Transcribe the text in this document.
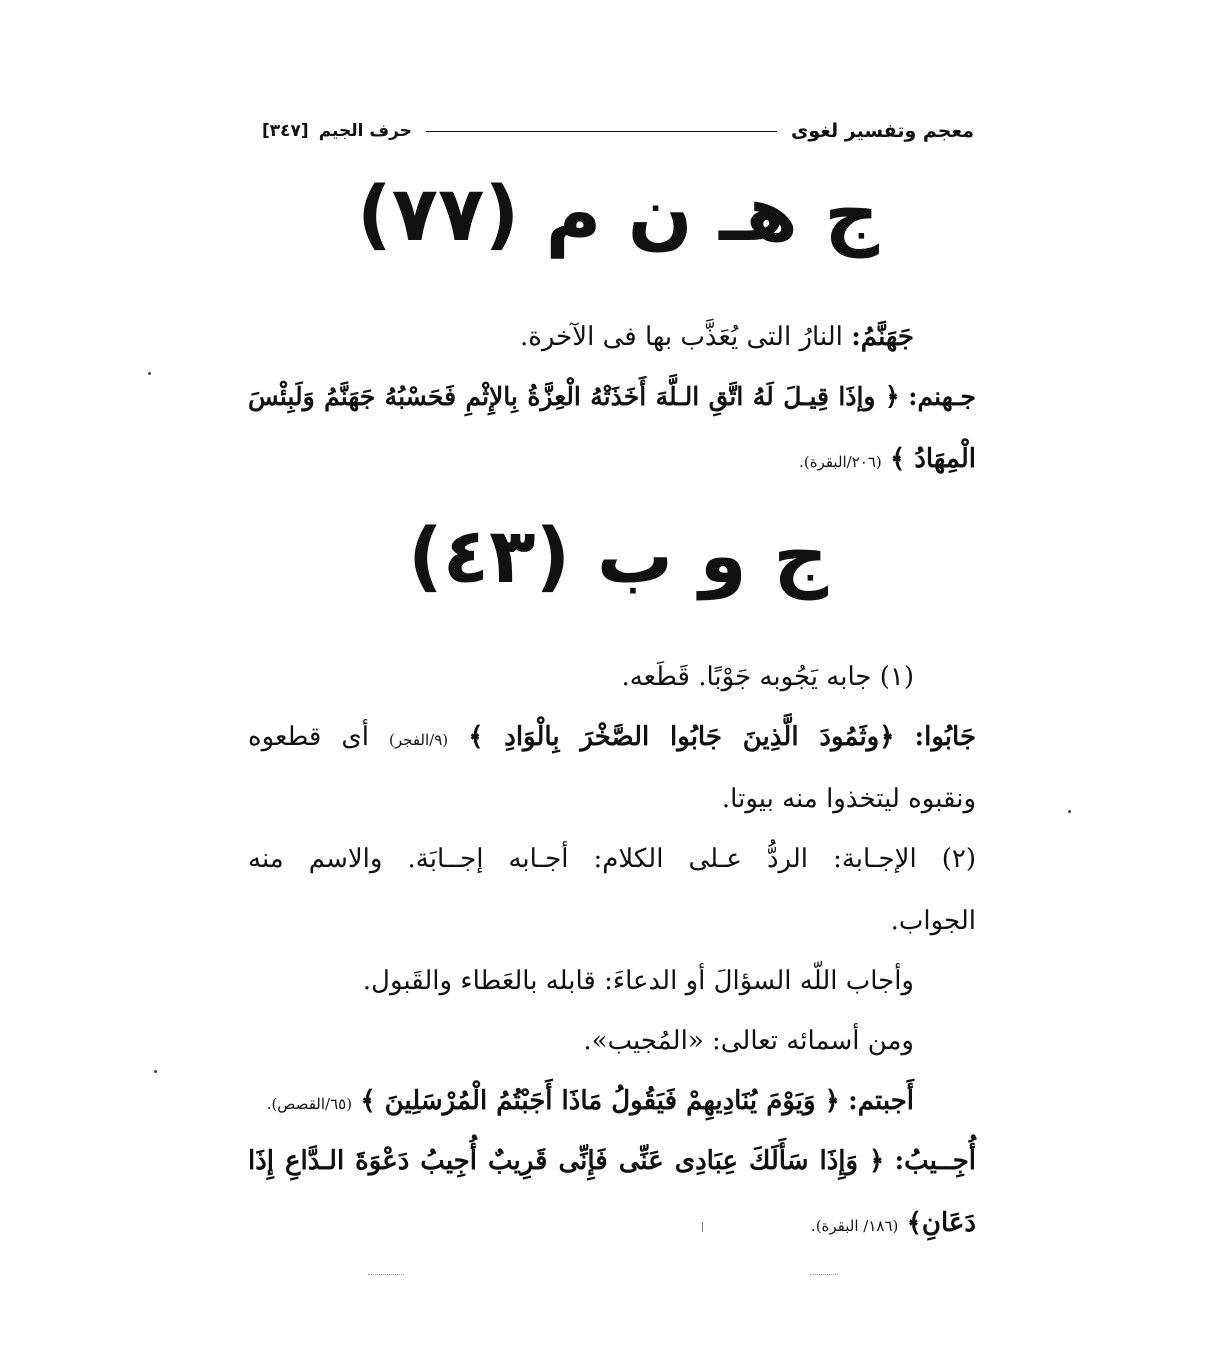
معجم وتفسير لغوى
حرف الجيم
[٣٤٧]
ج هـ ن م (٧٧)
جَهَنَّمُ: النارُ التى يُعَذَّب بها فى الآخرة.
جـهنم: ﴿ وإذَا قِيـلَ لَهُ اتَّقِ الـلَّهَ أَخَذَتْهُ الْعِزَّةُ بِالإِثْمِ فَحَسْبُهُ جَهَنَّمُ وَلَبِئْسَ
الْمِهَادُ ﴾ (٢٠٦/البقرة).
ج و ب (٤٣)
(١) جابه يَجُوبه جَوْبًا. قَطَعه.
جَابُوا: ﴿وثَمُودَ الَّذِينَ جَابُوا الصَّخْرَ بِالْوَادِ ﴾ (٩/الفجر) أى قطعوه
ونقبوه ليتخذوا منه بيوتا.
(٢) الإجـابة: الردُّ عـلى الكلام: أجـابه إجــابَة. والاسم منه
الجواب.
وأجاب اللّه السؤالَ أو الدعاءَ: قابله بالعَطاء والقَبول.
ومن أسمائه تعالى: «المُجيب».
أَجبتم: ﴿ وَيَوْمَ يُنَادِيهِمْ فَيَقُولُ مَاذَا أَجَبْتُمُ الْمُرْسَلِينَ ﴾ (٦٥/القصص).
أُجِــيبُ: ﴿ وَإِذَا سَأَلَكَ عِبَادِى عَنِّى فَإِنِّى قَرِيبٌ أُجِيبُ دَعْوَةَ الـدَّاعِ إِذَا
دَعَانِ﴾ (١٨٦/ البقرة).
